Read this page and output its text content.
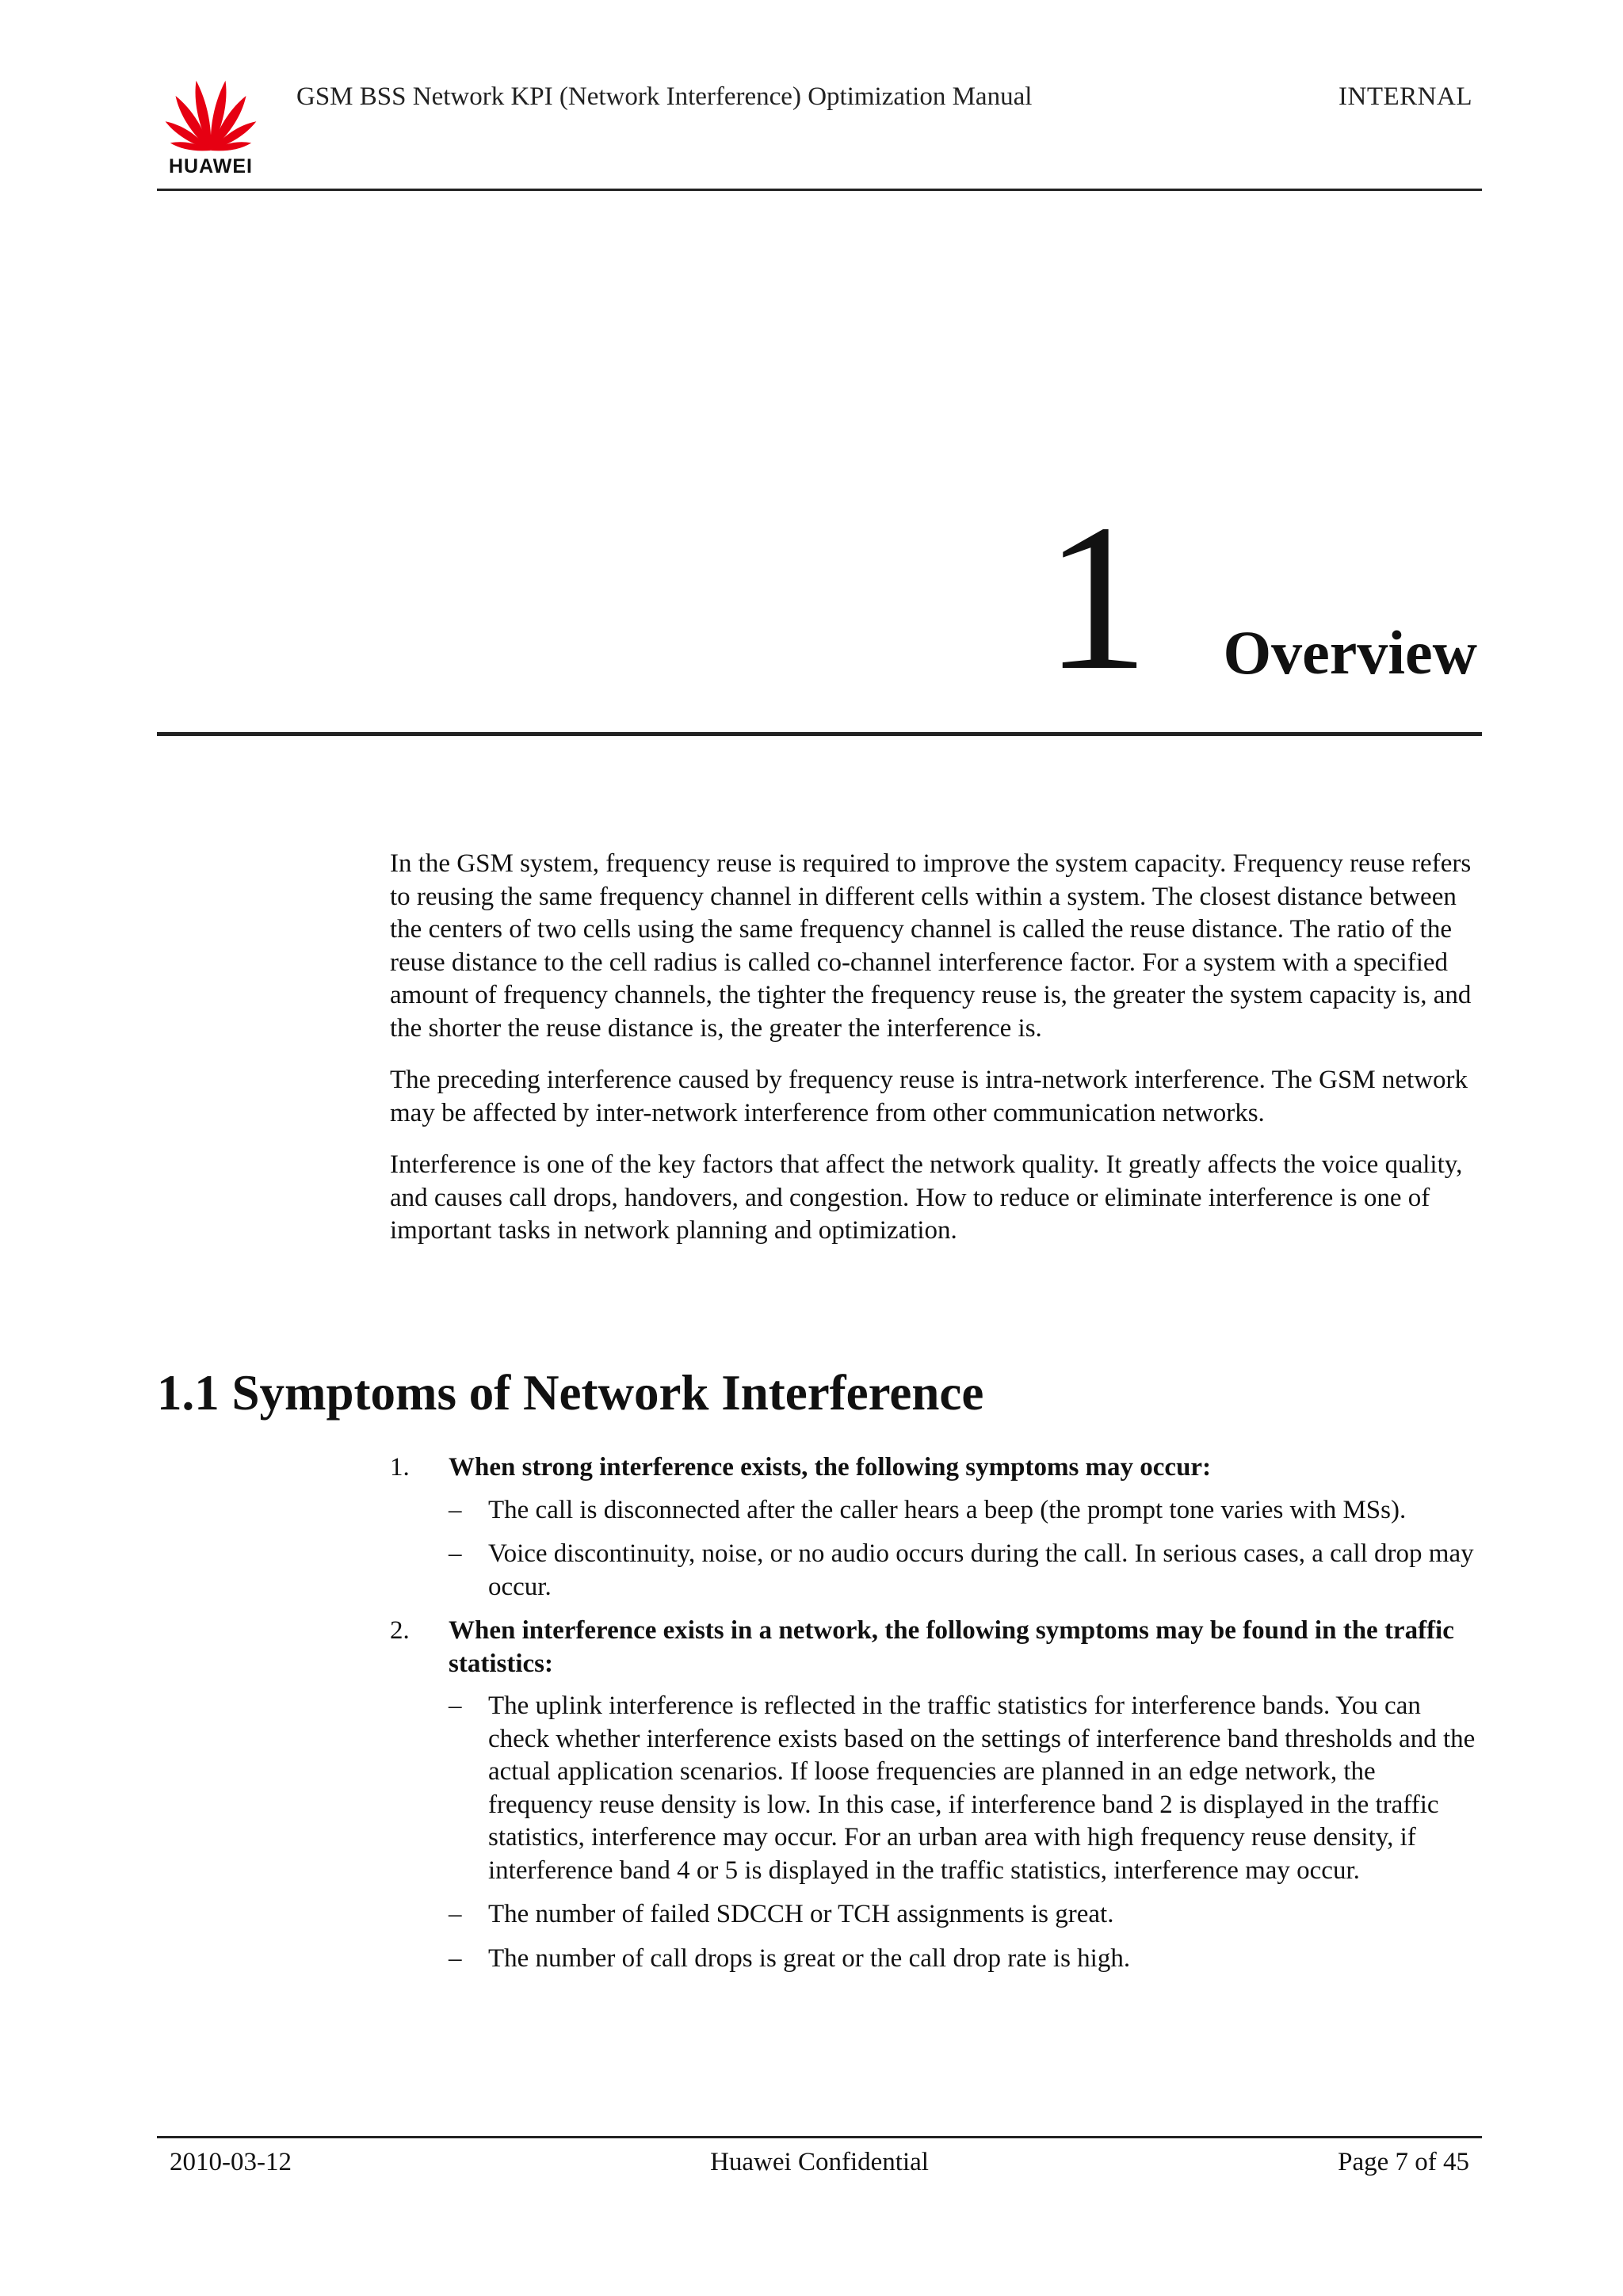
HUAWEI
GSM BSS Network KPI (Network Interference) Optimization Manual	INTERNAL
1 Overview

In the GSM system, frequency reuse is required to improve the system capacity. Frequency reuse refers to reusing the same frequency channel in different cells within a system. The closest distance between the centers of two cells using the same frequency channel is called the reuse distance. The ratio of the reuse distance to the cell radius is called co-channel interference factor. For a system with a specified amount of frequency channels, the tighter the frequency reuse is, the greater the system capacity is, and the shorter the reuse distance is, the greater the interference is.

The preceding interference caused by frequency reuse is intra-network interference. The GSM network may be affected by inter-network interference from other communication networks.

Interference is one of the key factors that affect the network quality. It greatly affects the voice quality, and causes call drops, handovers, and congestion. How to reduce or eliminate interference is one of important tasks in network planning and optimization.

1.1 Symptoms of Network Interference
1. When strong interference exists, the following symptoms may occur:

– The call is disconnected after the caller hears a beep (the prompt tone varies with MSs).
– Voice discontinuity, noise, or no audio occurs during the call. In serious cases, a call drop may occur.
2. When interference exists in a network, the following symptoms may be found in the traffic statistics:

– The uplink interference is reflected in the traffic statistics for interference bands. You can check whether interference exists based on the settings of interference band thresholds and the actual application scenarios. If loose frequencies are planned in an edge network, the frequency reuse density is low. In this case, if interference band 2 is displayed in the traffic statistics, interference may occur. For an urban area with high frequency reuse density, if interference band 4 or 5 is displayed in the traffic statistics, interference may occur.
– The number of failed SDCCH or TCH assignments is great.
– The number of call drops is great or the call drop rate is high.
2010-03-12	Huawei Confidential	Page 7 of 45
